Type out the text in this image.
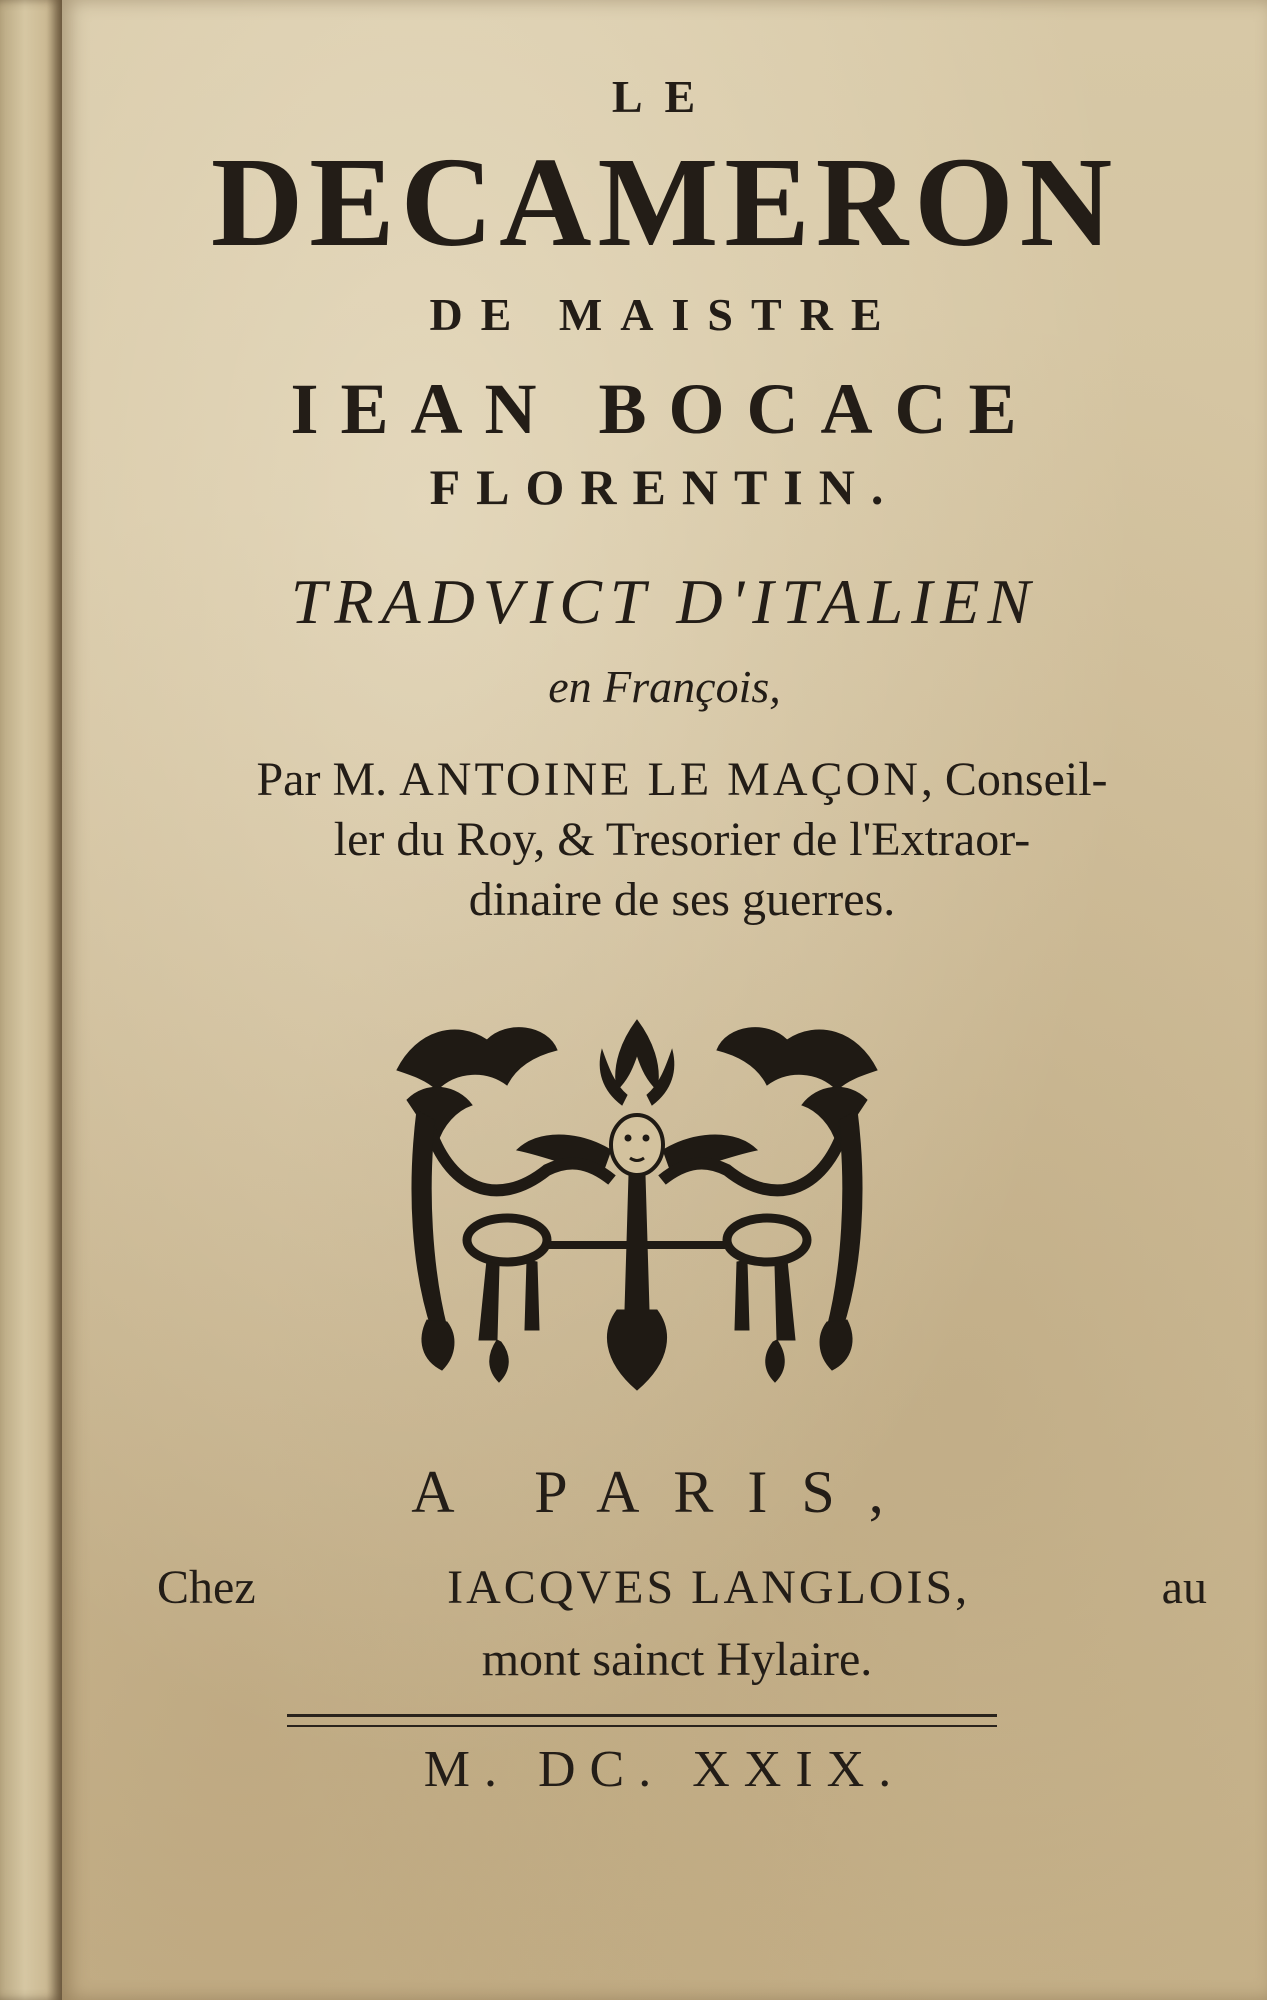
LE

DECAMERON

DE MAISTRE

IEAN BOCACE

FLORENTIN.

TRADVICT D'ITALIEN

en François,

Par M. ANTOINE LE MAÇON, Conseil-
ler du Roy, & Tresorier de l'Extraor-
dinaire de ses guerres.

A PARIS,

Chez	IACQVES LANGLOIS,	au
mont sainct Hylaire.

M. DC. XXIX.
